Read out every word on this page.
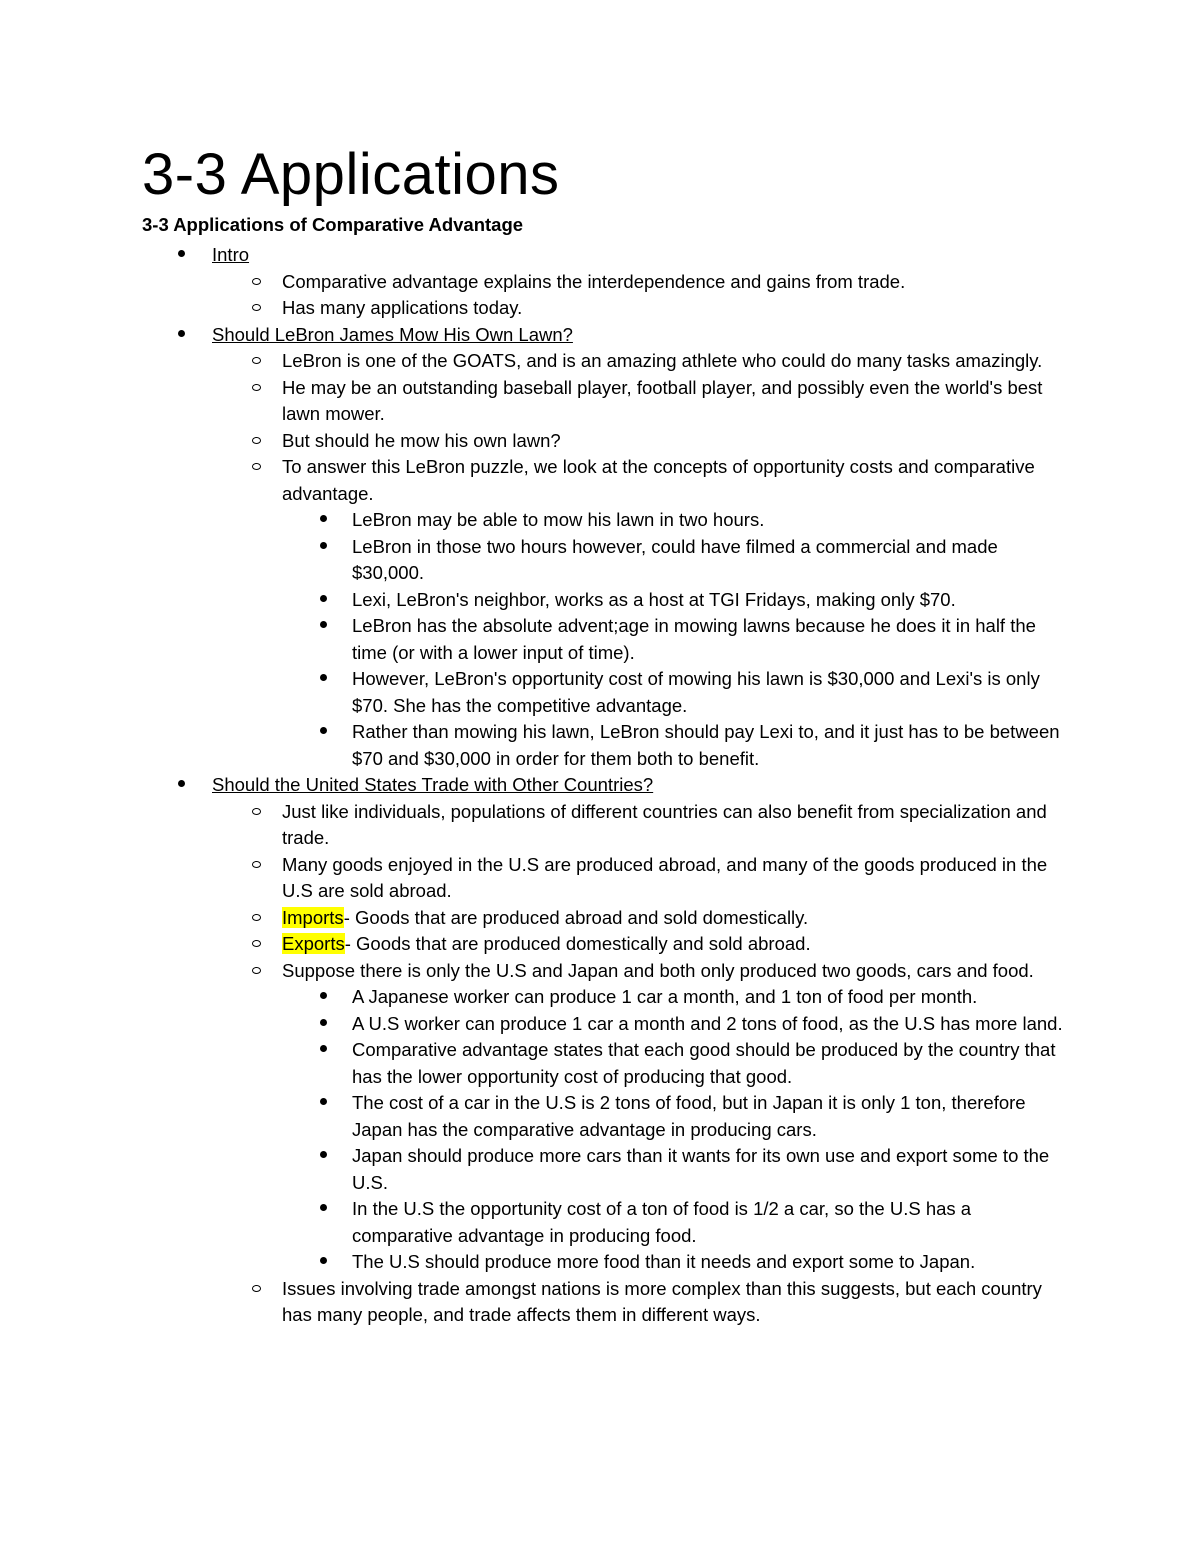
3-3 Applications
3-3 Applications of Comparative Advantage
Intro
Comparative advantage explains the interdependence and gains from trade.
Has many applications today.
Should LeBron James Mow His Own Lawn?
LeBron is one of the GOATS, and is an amazing athlete who could do many tasks amazingly.
He may be an outstanding baseball player, football player, and possibly even the world's best lawn mower.
But should he mow his own lawn?
To answer this LeBron puzzle, we look at the concepts of opportunity costs and comparative advantage.
LeBron may be able to mow his lawn in two hours.
LeBron in those two hours however, could have filmed a commercial and made $30,000.
Lexi, LeBron's neighbor, works as a host at TGI Fridays, making only $70.
LeBron has the absolute advent;age in mowing lawns because he does it in half the time (or with a lower input of time).
However, LeBron's opportunity cost of mowing his lawn is $30,000 and Lexi's is only $70. She has the competitive advantage.
Rather than mowing his lawn, LeBron should pay Lexi to, and it just has to be between $70 and $30,000 in order for them both to benefit.
Should the United States Trade with Other Countries?
Just like individuals, populations of different countries can also benefit from specialization and trade.
Many goods enjoyed in the U.S are produced abroad, and many of the goods produced in the U.S are sold abroad.
Imports- Goods that are produced abroad and sold domestically.
Exports- Goods that are produced domestically and sold abroad.
Suppose there is only the U.S and Japan and both only produced two goods, cars and food.
A Japanese worker can produce 1 car a month, and 1 ton of food per month.
A U.S worker can produce 1 car a month and 2 tons of food, as the U.S has more land.
Comparative advantage states that each good should be produced by the country that has the lower opportunity cost of producing that good.
The cost of a car in the U.S is 2 tons of food, but in Japan it is only 1 ton, therefore Japan has the comparative advantage in producing cars.
Japan should produce more cars than it wants for its own use and export some to the U.S.
In the U.S the opportunity cost of a ton of food is 1/2 a car, so the U.S has a comparative advantage in producing food.
The U.S should produce more food than it needs and export some to Japan.
Issues involving trade amongst nations is more complex than this suggests, but each country has many people, and trade affects them in different ways.
